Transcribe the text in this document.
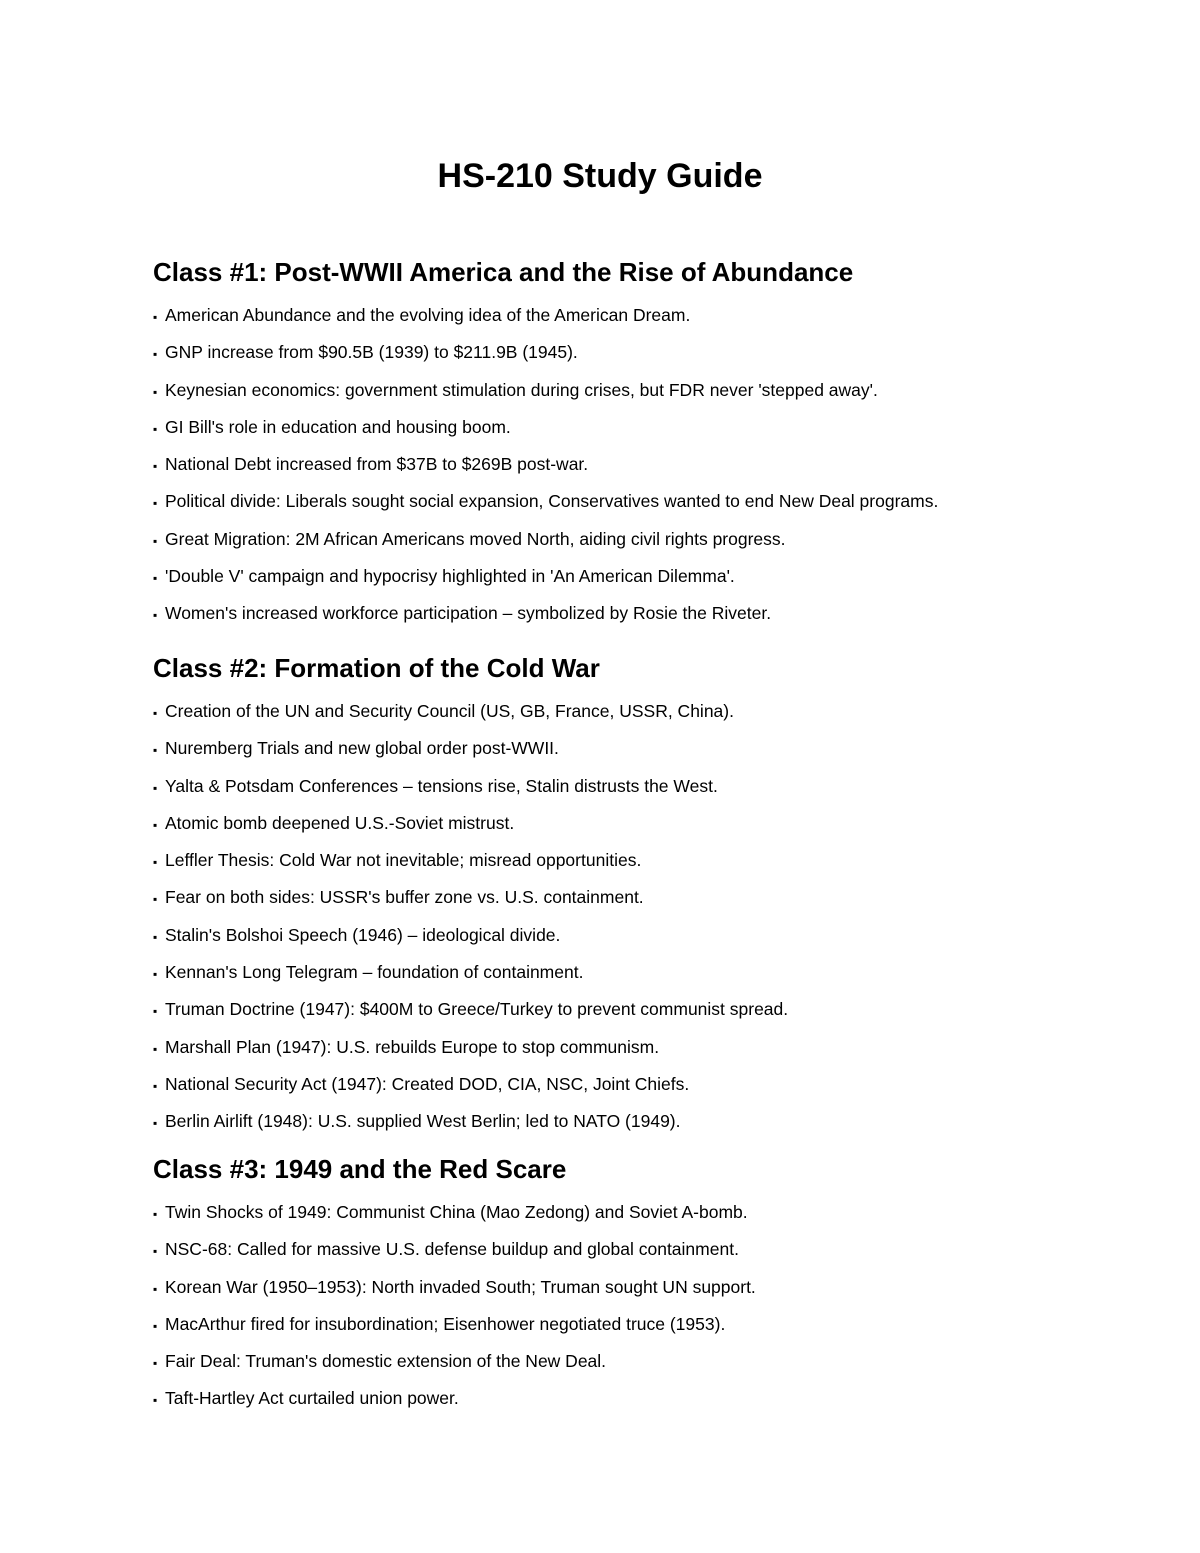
HS-210 Study Guide
Class #1: Post-WWII America and the Rise of Abundance
▪ American Abundance and the evolving idea of the American Dream.
▪ GNP increase from $90.5B (1939) to $211.9B (1945).
▪ Keynesian economics: government stimulation during crises, but FDR never 'stepped away'.
▪ GI Bill's role in education and housing boom.
▪ National Debt increased from $37B to $269B post-war.
▪ Political divide: Liberals sought social expansion, Conservatives wanted to end New Deal programs.
▪ Great Migration: 2M African Americans moved North, aiding civil rights progress.
▪ 'Double V' campaign and hypocrisy highlighted in 'An American Dilemma'.
▪ Women's increased workforce participation – symbolized by Rosie the Riveter.
Class #2: Formation of the Cold War
▪ Creation of the UN and Security Council (US, GB, France, USSR, China).
▪ Nuremberg Trials and new global order post-WWII.
▪ Yalta & Potsdam Conferences – tensions rise, Stalin distrusts the West.
▪ Atomic bomb deepened U.S.-Soviet mistrust.
▪ Leffler Thesis: Cold War not inevitable; misread opportunities.
▪ Fear on both sides: USSR's buffer zone vs. U.S. containment.
▪ Stalin's Bolshoi Speech (1946) – ideological divide.
▪ Kennan's Long Telegram – foundation of containment.
▪ Truman Doctrine (1947): $400M to Greece/Turkey to prevent communist spread.
▪ Marshall Plan (1947): U.S. rebuilds Europe to stop communism.
▪ National Security Act (1947): Created DOD, CIA, NSC, Joint Chiefs.
▪ Berlin Airlift (1948): U.S. supplied West Berlin; led to NATO (1949).
Class #3: 1949 and the Red Scare
▪ Twin Shocks of 1949: Communist China (Mao Zedong) and Soviet A-bomb.
▪ NSC-68: Called for massive U.S. defense buildup and global containment.
▪ Korean War (1950–1953): North invaded South; Truman sought UN support.
▪ MacArthur fired for insubordination; Eisenhower negotiated truce (1953).
▪ Fair Deal: Truman's domestic extension of the New Deal.
▪ Taft-Hartley Act curtailed union power.
